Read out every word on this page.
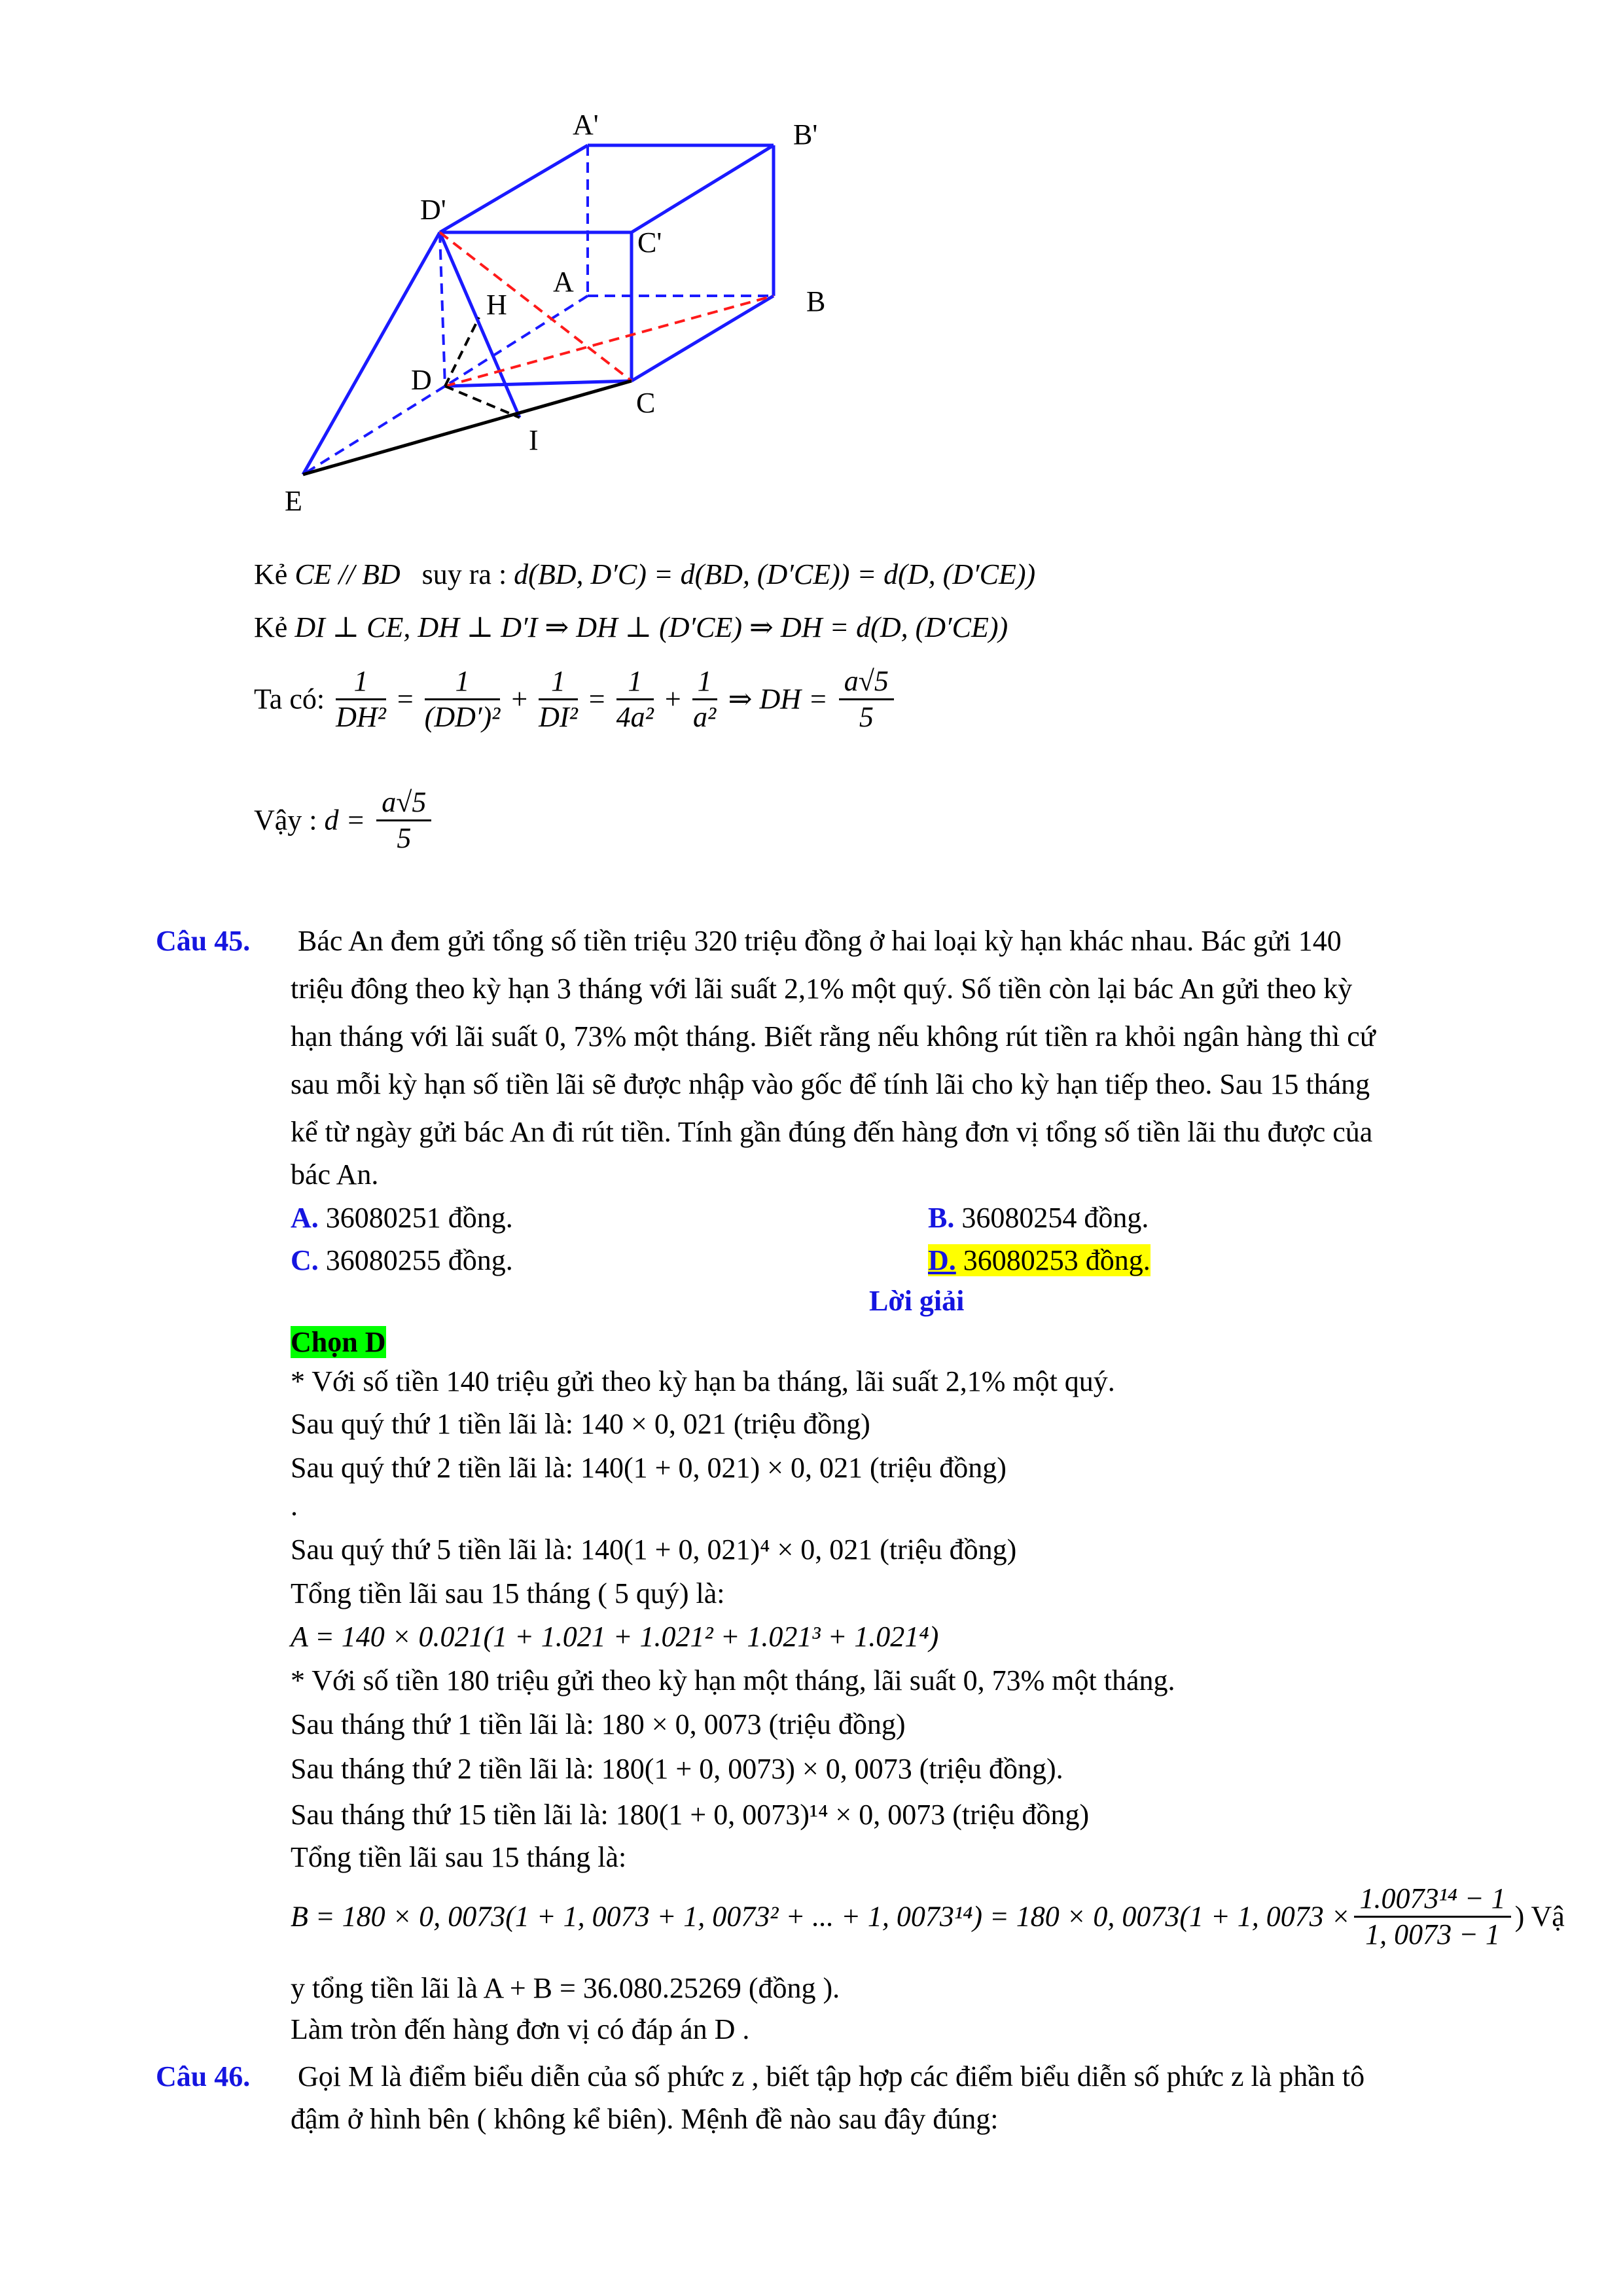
A'	B'
D'
C'
A
B
H
D
C
I
E
Kẻ CE // BD suy ra : d(BD, D′C) = d(BD, (D′CE)) = d(D, (D′CE))
Kẻ DI ⊥ CE, DH ⊥ D′I ⇒ DH ⊥ (D′CE) ⇒ DH = d(D, (D′CE))
Ta có: $\frac{1}{\text{DH²}} = \frac{1}{\text{(DD′)²}} + \frac{1}{\text{DI²}} = \frac{1}{\text{4a²}} + \frac{1}{\text{a²}}$ ⇒ DH = $\frac{a√5}{5}$
Vậy : $d = \frac{a√5}{5}$
Câu 45. Bác An đem gửi tổng số tiền triệu 320 triệu đồng ở hai loại kỳ hạn khác nhau. Bác gửi 140
triệu đông theo kỳ hạn 3 tháng với lãi suất 2,1% một quý. Số tiền còn lại bác An gửi theo kỳ
hạn tháng với lãi suất 0, 73% một tháng. Biết rằng nếu không rút tiền ra khỏi ngân hàng thì cứ
sau mỗi kỳ hạn số tiền lãi sẽ được nhập vào gốc để tính lãi cho kỳ hạn tiếp theo. Sau 15 tháng
kể từ ngày gửi bác An đi rút tiền. Tính gần đúng đến hàng đơn vị tổng số tiền lãi thu được của
bác An.
A. 36080251 đồng.	B. 36080254 đồng.
C. 36080255 đồng.	D. 36080253 đồng.
Lời giải
Chọn D
* Với số tiền 140 triệu gửi theo kỳ hạn ba tháng, lãi suất 2,1% một quý.
Sau quý thứ 1 tiền lãi là: 140 × 0, 021 (triệu đồng)
Sau quý thứ 2 tiền lãi là: 140(1 + 0, 021) × 0, 021 (triệu đồng)
.
Sau quý thứ 5 tiền lãi là: 140(1 + 0, 021)⁴ × 0, 021 (triệu đồng)
Tổng tiền lãi sau 15 tháng ( 5 quý) là:
A = 140 × 0.021(1 + 1.021 + 1.021² + 1.021³ + 1.021⁴)
* Với số tiền 180 triệu gửi theo kỳ hạn một tháng, lãi suất 0, 73% một tháng.
Sau tháng thứ 1 tiền lãi là: 180 × 0, 0073 (triệu đồng)
Sau tháng thứ 2 tiền lãi là: 180(1 + 0, 0073) × 0, 0073 (triệu đồng).
Sau tháng thứ 15 tiền lãi là: 180(1 + 0, 0073)¹⁴ × 0, 0073 (triệu đồng)
Tổng tiền lãi sau 15 tháng là:
B = 180 × 0, 0073(1 + 1, 0073 + 1, 0073² + ... + 1, 0073¹⁴) = 180 × 0, 0073(1 + 1, $0073 \times \frac{\text{1.0073¹⁴ − 1}}{1, 0073 - 1}$ ) Vậ
y tổng tiền lãi là A + B = 36.080.25269 (đồng ).
Làm tròn đến hàng đơn vị có đáp án D .
Câu 46. Gọi M là điểm biểu diễn của số phức z , biết tập hợp các điểm biểu diễn số phức z là phần tô
đậm ở hình bên ( không kể biên). Mệnh đề nào sau đây đúng:
